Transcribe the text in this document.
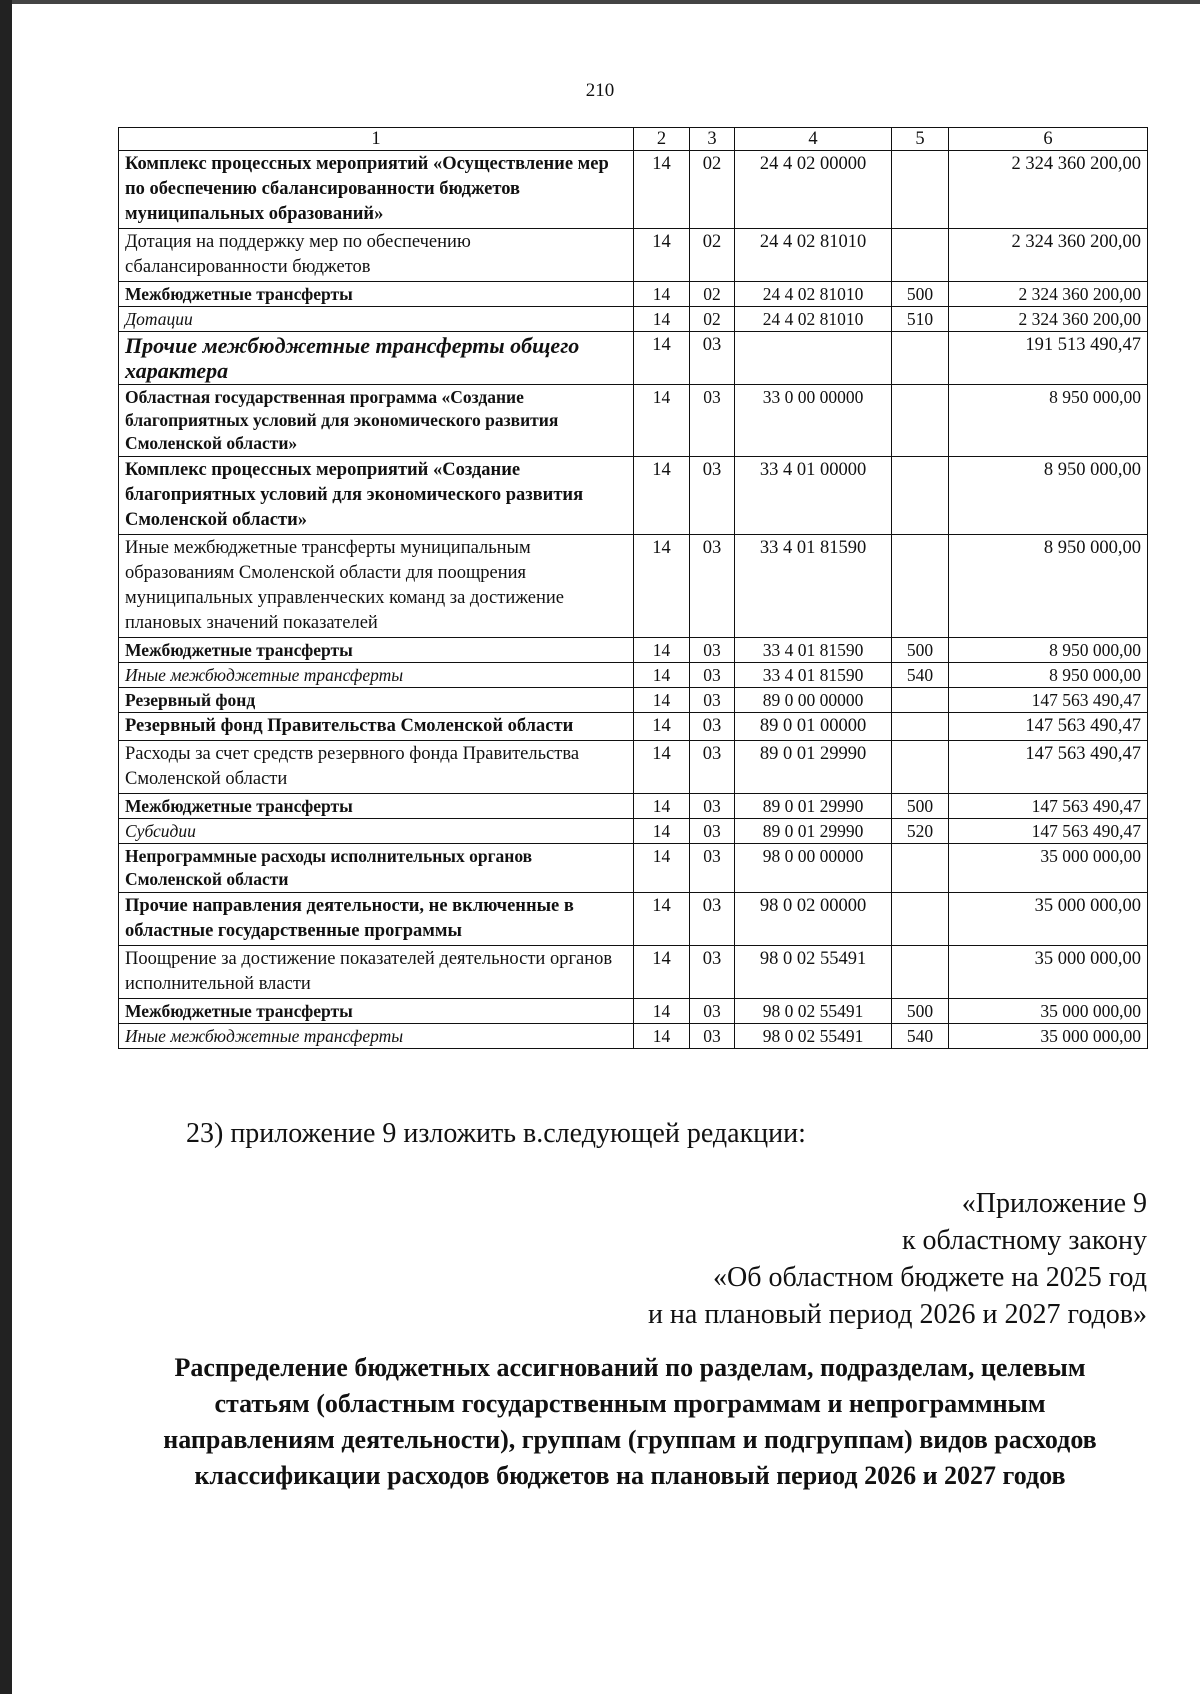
210
1	2	3	4	5	6
Комплекс процессных мероприятий «Осуществление мер по обеспечению сбалансированности бюджетов муниципальных образований»	14	02	24 4 02 00000		2 324 360 200,00
Дотация на поддержку мер по обеспечению сбалансированности бюджетов	14	02	24 4 02 81010		2 324 360 200,00
Межбюджетные трансферты	14	02	24 4 02 81010	500	2 324 360 200,00
Дотации	14	02	24 4 02 81010	510	2 324 360 200,00
Прочие межбюджетные трансферты общего характера	14	03			191 513 490,47
Областная государственная программа «Создание благоприятных условий для экономического развития Смоленской области»	14	03	33 0 00 00000		8 950 000,00
Комплекс процессных мероприятий «Создание благоприятных условий для экономического развития Смоленской области»	14	03	33 4 01 00000		8 950 000,00
Иные межбюджетные трансферты муниципальным образованиям Смоленской области для поощрения муниципальных управленческих команд за достижение плановых значений показателей	14	03	33 4 01 81590		8 950 000,00
Межбюджетные трансферты	14	03	33 4 01 81590	500	8 950 000,00
Иные межбюджетные трансферты	14	03	33 4 01 81590	540	8 950 000,00
Резервный фонд	14	03	89 0 00 00000		147 563 490,47
Резервный фонд Правительства Смоленской области	14	03	89 0 01 00000		147 563 490,47
Расходы за счет средств резервного фонда Правительства Смоленской области	14	03	89 0 01 29990		147 563 490,47
Межбюджетные трансферты	14	03	89 0 01 29990	500	147 563 490,47
Субсидии	14	03	89 0 01 29990	520	147 563 490,47
Непрограммные расходы исполнительных органов Смоленской области	14	03	98 0 00 00000		35 000 000,00
Прочие направления деятельности, не включенные в областные государственные программы	14	03	98 0 02 00000		35 000 000,00
Поощрение за достижение показателей деятельности органов исполнительной власти	14	03	98 0 02 55491		35 000 000,00
Межбюджетные трансферты	14	03	98 0 02 55491	500	35 000 000,00
Иные межбюджетные трансферты	14	03	98 0 02 55491	540	35 000 000,00
23) приложение 9 изложить в.следующей редакции:
«Приложение 9
к областному закону
«Об областном бюджете на 2025 год
и на плановый период 2026 и 2027 годов»
Распределение бюджетных ассигнований по разделам, подразделам, целевым
статьям (областным государственным программам и непрограммным
направлениям деятельности), группам (группам и подгруппам) видов расходов
классификации расходов бюджетов на плановый период 2026 и 2027 годов
